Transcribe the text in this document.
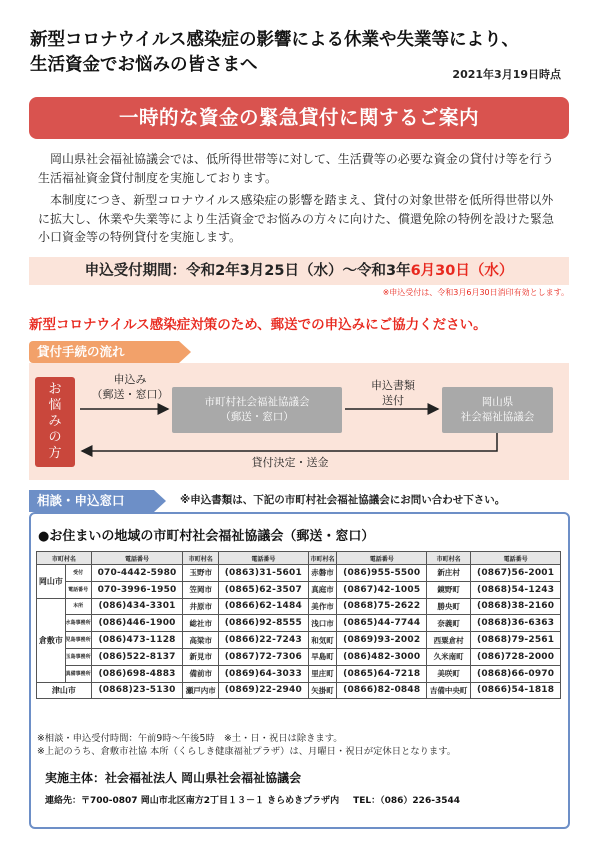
新型コロナウイルス感染症の影響による休業や失業等により、
生活資金でお悩みの皆さまへ	2021年3月19日時点
一時的な資金の緊急貸付に関するご案内

岡山県社会福祉協議会では、低所得世帯等に対して、生活費等の必要な資金の貸付け等を行う生活福祉資金貸付制度を実施しております。

本制度につき、新型コロナウイルス感染症の影響を踏まえ、貸付の対象世帯を低所得世帯以外に拡大し、休業や失業等により生活資金でお悩みの方々に向けた、償還免除の特例を設けた緊急小口資金等の特例貸付を実施します。

申込受付期間：令和2年3月25日（水）～令和3年6月30日（水）
※申込受付は、令和3月6月30日消印有効とします。
新型コロナウイルス感染症対策のため、郵送での申込みにご協力ください。
貸付手続の流れ
お
悩
み
の
方
申込み
（郵送・窓口）
市町村社会福祉協議会
（郵送・窓口）
申込書類
送付	岡山県
社会福祉協議会
貸付決定・送金
相談・申込窓口	※申込書類は、下記の市町村社会福祉協議会にお問い合わせ下さい。
●お住まいの地域の市町村社会福祉協議会（郵送・窓口）
市町村名		電話番号	市町村名	電話番号	市町村名	電話番号	市町村名	電話番号
岡山市	受付	070-4442-5980	玉野市	(0863)31-5601	赤磐市	(086)955-5500	新庄村	(0867)56-2001
	電話番号	070-3996-1950	笠岡市	(0865)62-3507	真庭市	(0867)42-1005	鏡野町	(0868)54-1243
倉敷市	本所	(086)434-3301	井原市	(0866)62-1484	美作市	(0868)75-2622	勝央町	(0868)38-2160
	水島事務所	(086)446-1900	総社市	(0866)92-8555	浅口市	(0865)44-7744	奈義町	(0868)36-6363
	児島事務所	(086)473-1128	高梁市	(0866)22-7243	和気町	(0869)93-2002	西粟倉村	(0868)79-2561
	玉島事務所	(086)522-8137	新見市	(0867)72-7306	早島町	(086)482-3000	久米南町	(086)728-2000
	真備事務所	(086)698-4883	備前市	(0869)64-3033	里庄町	(0865)64-7218	美咲町	(0868)66-0970
津山市		(0868)23-5130	瀬戸内市	(0869)22-2940	矢掛町	(0866)82-0848	吉備中央町	(0866)54-1818
※相談・申込受付時間：午前9時～午後5時　※土・日・祝日は除きます。
※上記のうち、倉敷市社協 本所（くらしき健康福祉プラザ）は、月曜日・祝日が定休日となります。
実施主体：社会福祉法人 岡山県社会福祉協議会
連絡先：〒700-0807 岡山市北区南方2丁目１３－１ きらめきプラザ内 TEL：（086）226-3544
